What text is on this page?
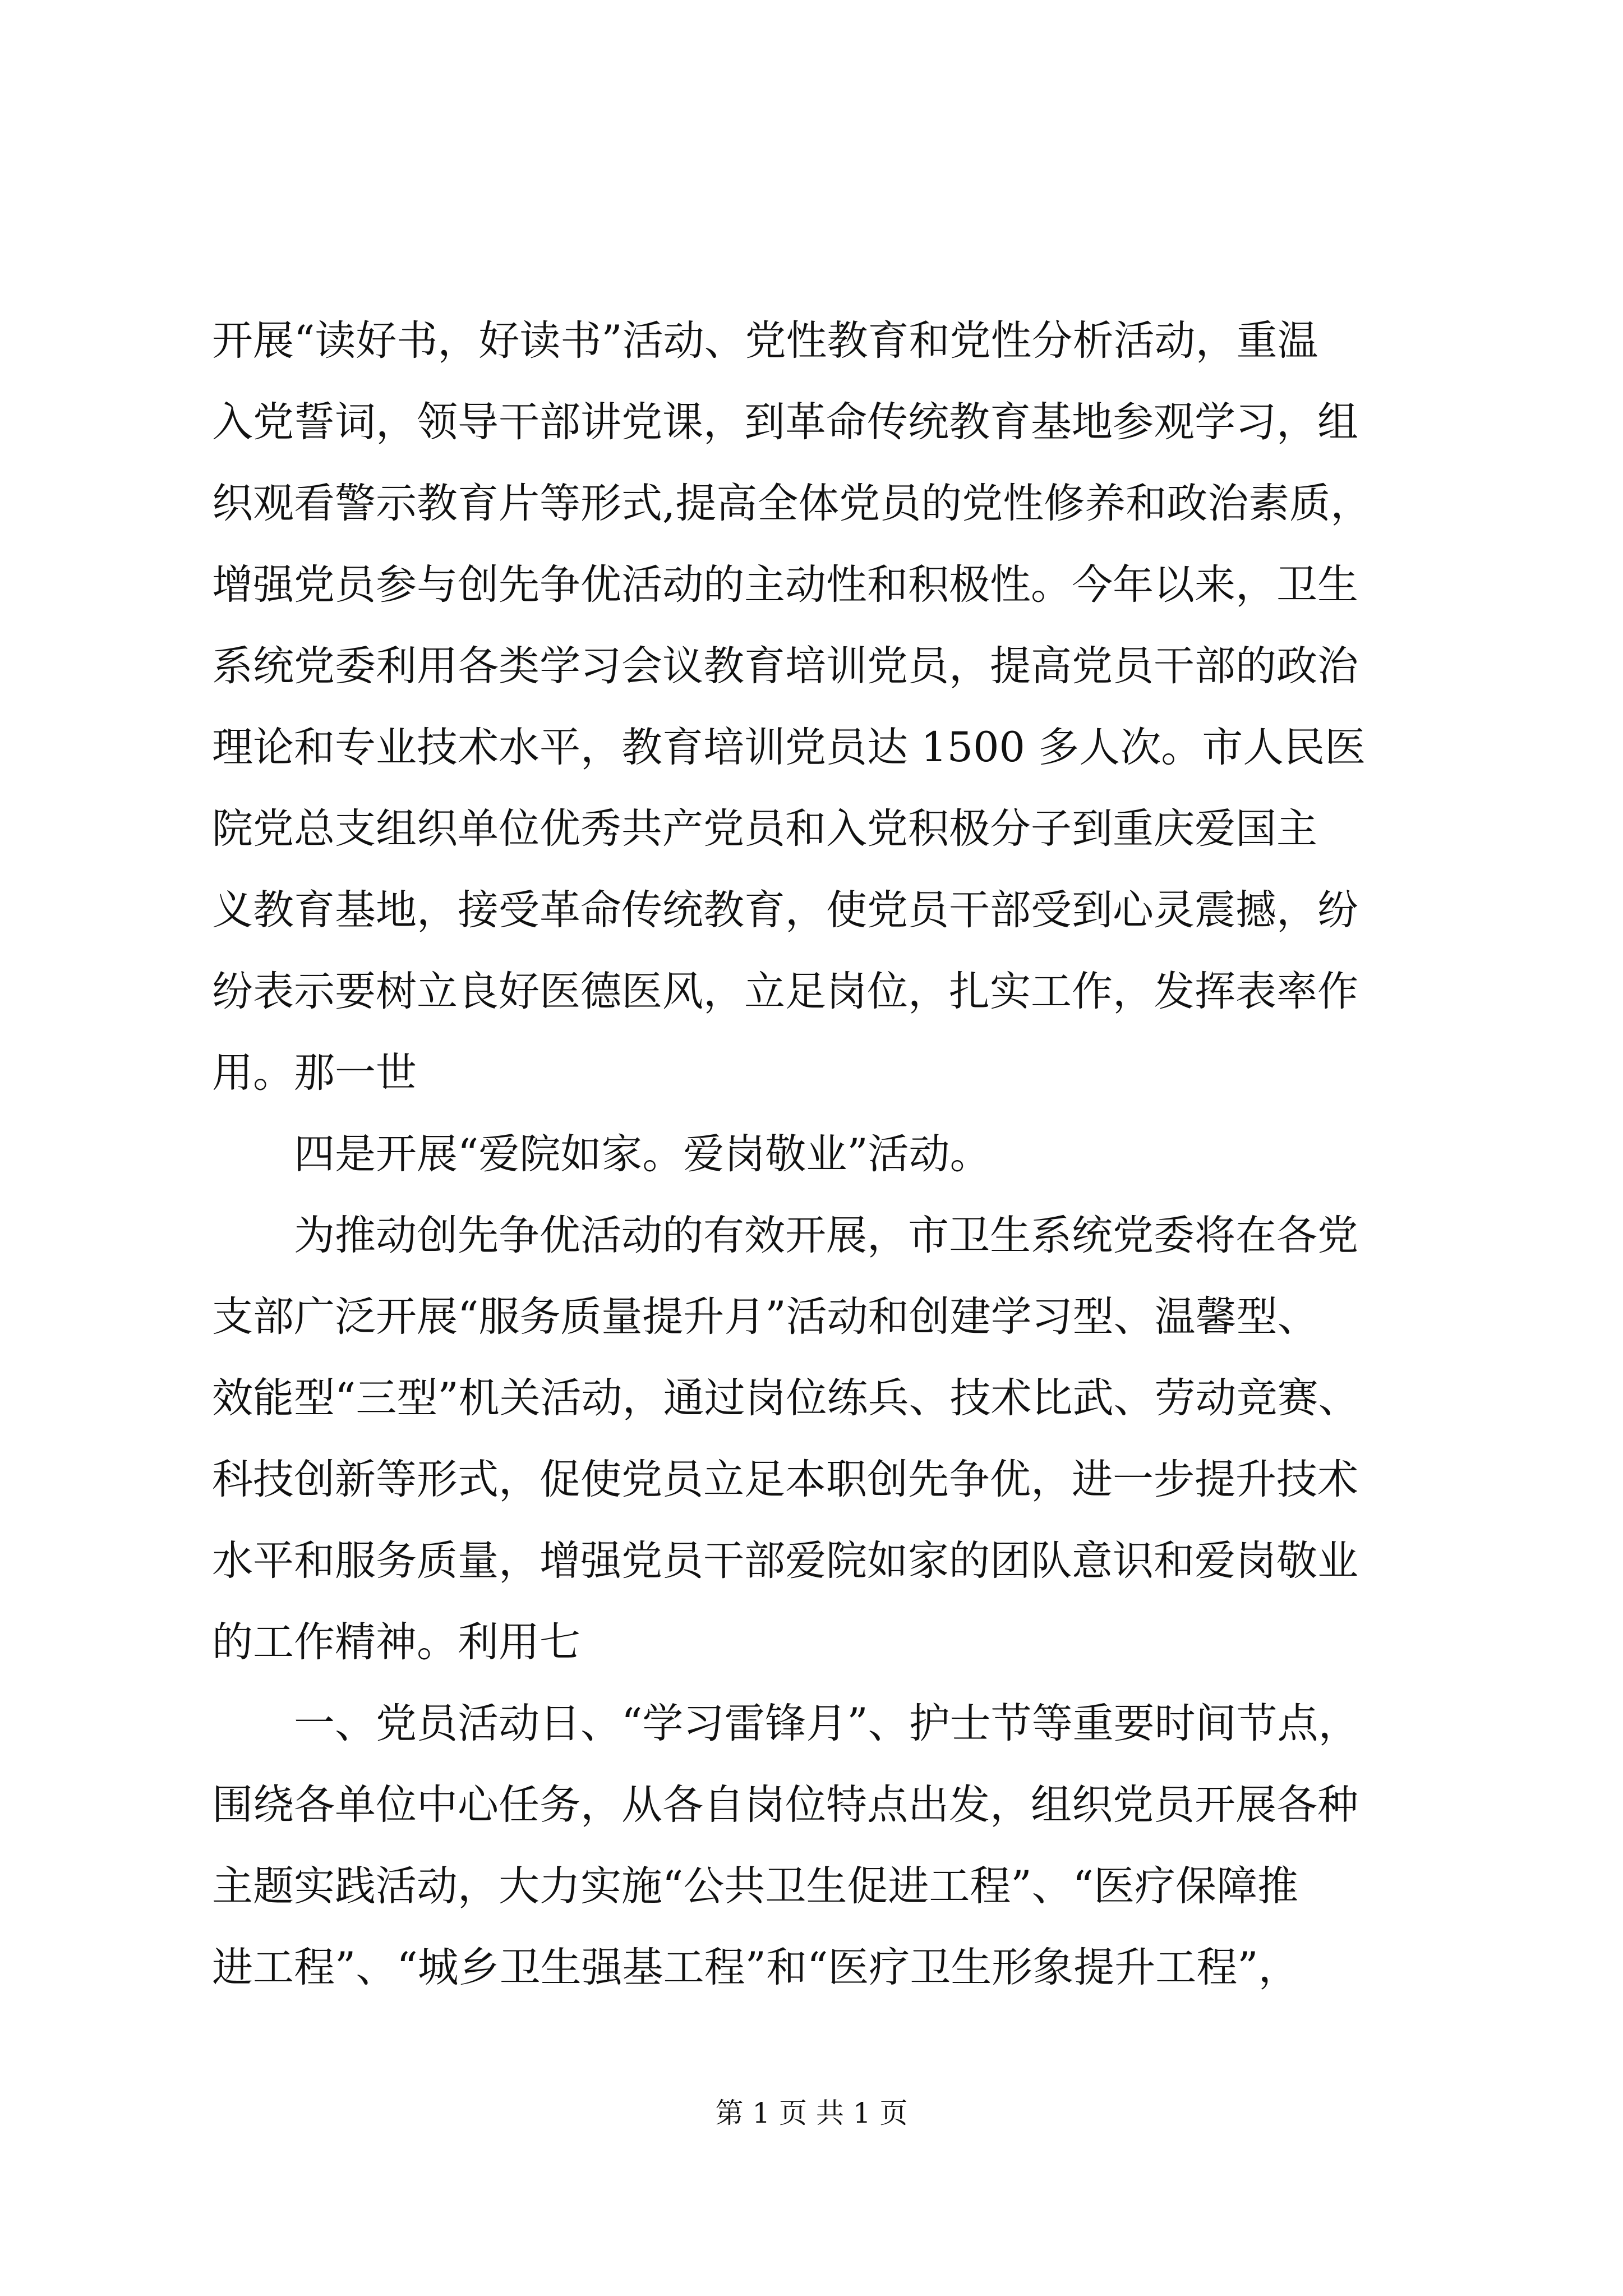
开展“读好书，好读书”活动、党性教育和党性分析活动，重温
入党誓词，领导干部讲党课，到革命传统教育基地参观学习，组
织观看警示教育片等形式,提高全体党员的党性修养和政治素质，
增强党员参与创先争优活动的主动性和积极性。今年以来，卫生
系统党委利用各类学习会议教育培训党员，提高党员干部的政治
理论和专业技术水平，教育培训党员达 1500 多人次。市人民医
院党总支组织单位优秀共产党员和入党积极分子到重庆爱国主
义教育基地，接受革命传统教育，使党员干部受到心灵震撼，纷
纷表示要树立良好医德医风，立足岗位，扎实工作，发挥表率作
用。那一世
四是开展“爱院如家。爱岗敬业”活动。
为推动创先争优活动的有效开展，市卫生系统党委将在各党
支部广泛开展“服务质量提升月”活动和创建学习型、温馨型、
效能型“三型”机关活动，通过岗位练兵、技术比武、劳动竞赛、
科技创新等形式，促使党员立足本职创先争优，进一步提升技术
水平和服务质量，增强党员干部爱院如家的团队意识和爱岗敬业
的工作精神。利用七
一、党员活动日、“学习雷锋月”、护士节等重要时间节点，
围绕各单位中心任务，从各自岗位特点出发，组织党员开展各种
主题实践活动，大力实施“公共卫生促进工程”、“医疗保障推
进工程”、“城乡卫生强基工程”和“医疗卫生形象提升工程”，
第 1 页 共 1 页
